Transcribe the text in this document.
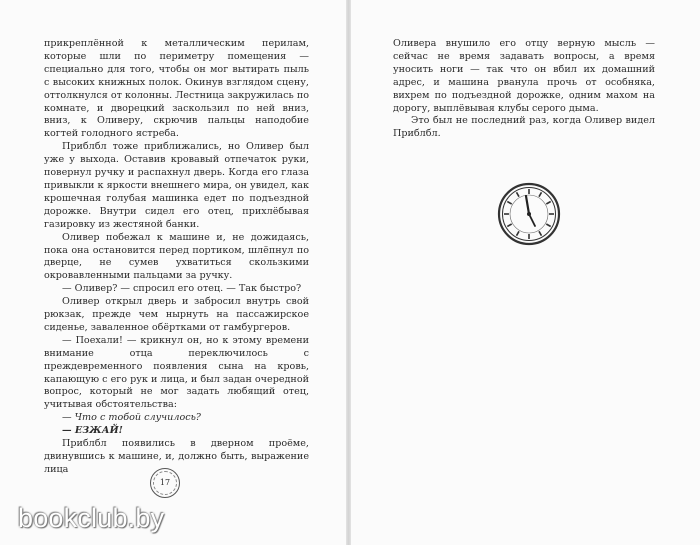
прикреплённой к металлическим перилам, которые шли по периметру помещения — специально для того, чтобы он мог вытирать пыль с высоких книжных полок. Окинув взглядом сцену, оттолкнулся от колонны. Лестница закружилась по комнате, и дворецкий заскользил по ней вниз, вниз, к Оливеру, скрючив пальцы наподобие когтей голодного ястреба.

Приблбл тоже приближались, но Оливер был уже у выхода. Оставив кровавый отпечаток руки, повернул ручку и распахнул дверь. Когда его глаза привыкли к яркости внешнего мира, он увидел, как крошечная голубая машинка едет по подъездной дорожке. Внутри сидел его отец, прихлёбывая газировку из жестяной банки.

Оливер побежал к машине и, не дожидаясь, пока она остановится перед портиком, шлёпнул по дверце, не сумев ухватиться скользкими окровавленными пальцами за ручку.

— Оливер? — спросил его отец. — Так быстро?

Оливер открыл дверь и забросил внутрь свой рюкзак, прежде чем нырнуть на пассажирское сиденье, заваленное обёртками от гамбургеров.

— Поехали! — крикнул он, но к этому времени внимание отца переключилось с преждевременного появления сына на кровь, капающую с его рук и лица, и был задан очередной вопрос, который не мог задать любящий отец, учитывая обстоятельства:

— Что с тобой случилось?

— ЕЗЖАЙ!

Приблбл появились в дверном проёме, двинувшись к машине, и, должно быть, выражение лица

17

Оливера внушило его отцу верную мысль — сейчас не время задавать вопросы, а время уносить ноги — так что он вбил их домашний адрес, и машина рванула прочь от особняка, вихрем по подъездной дорожке, одним махом на дорогу, выплёвывая клубы серого дыма.

Это был не последний раз, когда Оливер видел Приблбл.

bookclub.by
